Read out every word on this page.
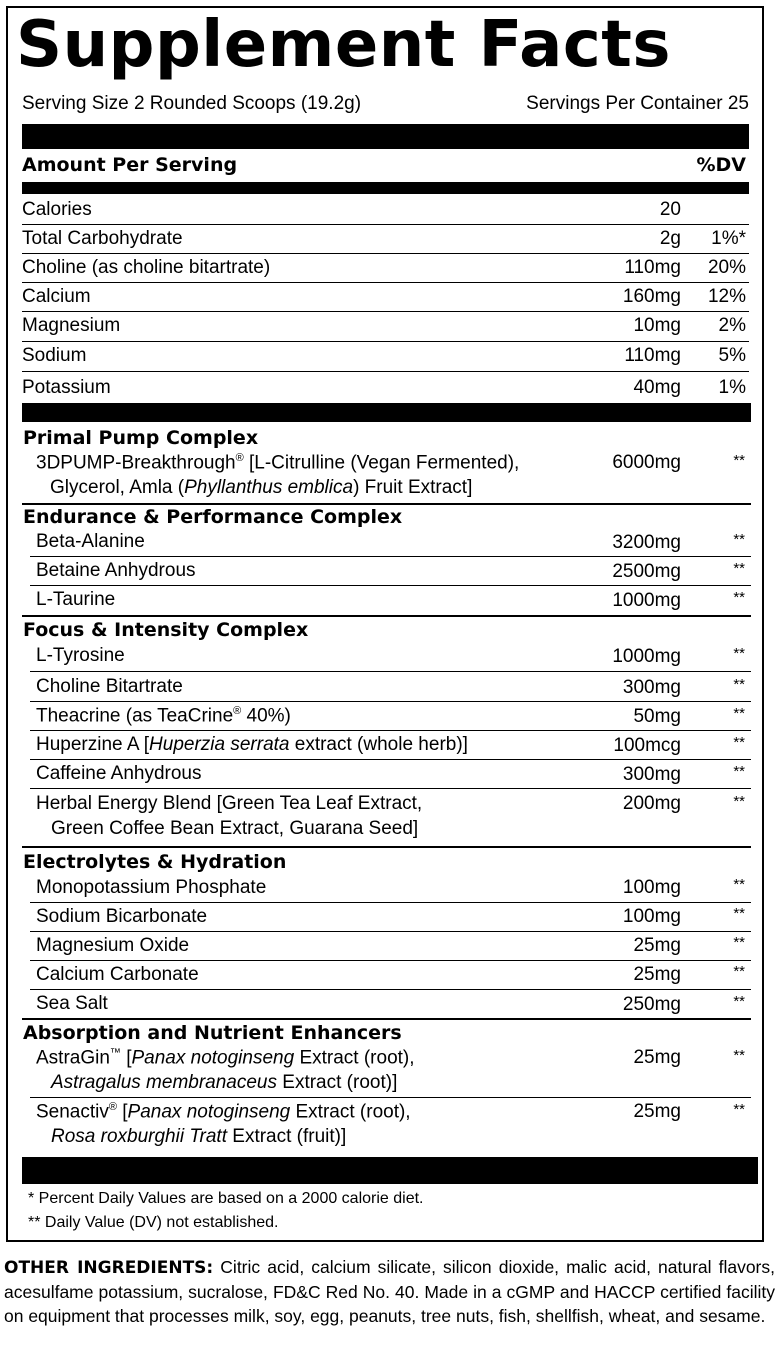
Supplement Facts
Serving Size 2 Rounded Scoops (19.2g)	Servings Per Container 25
Amount Per Serving	%DV
Calories	20
Total Carbohydrate	2g 1%*
Choline (as choline bitartrate)	110mg 20%
Calcium	160mg 12%
Magnesium	10mg 2%
Sodium	110mg 5%
Potassium	40mg 1%
Primal Pump Complex
3DPUMP-Breakthrough® [L-Citrulline (Vegan Fermented),
Glycerol, Amla (Phyllanthus emblica) Fruit Extract]
6000mg	**
Endurance & Performance Complex
Beta-Alanine	3200mg	**
Betaine Anhydrous	2500mg	**
L-Taurine	1000mg	**
Focus & Intensity Complex
L-Tyrosine	1000mg	**
Choline Bitartrate	300mg	**
Theacrine (as TeaCrine® 40%)	50mg	**
Huperzine A [Huperzia serrata extract (whole herb)]	100mcg	**
Caffeine Anhydrous	300mg	**
Herbal Energy Blend [Green Tea Leaf Extract,
Green Coffee Bean Extract, Guarana Seed]
200mg	**
Electrolytes & Hydration
Monopotassium Phosphate	100mg	**
Sodium Bicarbonate	100mg	**
Magnesium Oxide	25mg	**
Calcium Carbonate	25mg	**
Sea Salt	250mg	**
Absorption and Nutrient Enhancers
AstraGin™ [Panax notoginseng Extract (root),
Astragalus membranaceus Extract (root)]
25mg	**
Senactiv® [Panax notoginseng Extract (root),
Rosa roxburghii Tratt Extract (fruit)]
25mg	**
* Percent Daily Values are based on a 2000 calorie diet.
** Daily Value (DV) not established.
OTHER INGREDIENTS: Citric acid, calcium silicate, silicon dioxide, malic acid, natural flavors, acesulfame potassium, sucralose, FD&C Red No. 40. Made in a cGMP and HACCP certified facility on equipment that processes milk, soy, egg, peanuts, tree nuts, fish, shellfish, wheat, and sesame.
